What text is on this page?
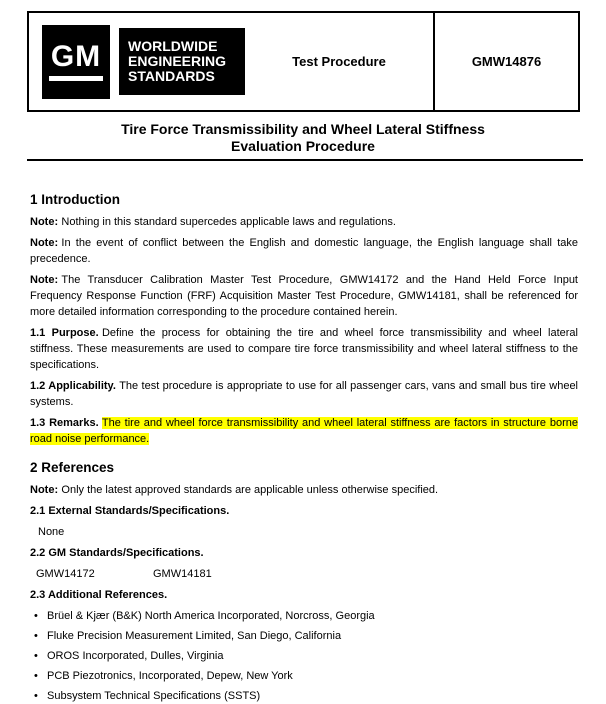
GM	WORLDWIDE ENGINEERING STANDARDS
Test Procedure	GMW14876
Tire Force Transmissibility and Wheel Lateral Stiffness
Evaluation Procedure
1 Introduction

Note: Nothing in this standard supercedes applicable laws and regulations.

Note: In the event of conflict between the English and domestic language, the English language shall take precedence.

Note: The Transducer Calibration Master Test Procedure, GMW14172 and the Hand Held Force Input Frequency Response Function (FRF) Acquisition Master Test Procedure, GMW14181, shall be referenced for more detailed information corresponding to the procedure contained herein.

1.1 Purpose. Define the process for obtaining the tire and wheel force transmissibility and wheel lateral stiffness. These measurements are used to compare tire force transmissibility and wheel lateral stiffness to the specifications.

1.2 Applicability. The test procedure is appropriate to use for all passenger cars, vans and small bus tire wheel systems.

1.3 Remarks. The tire and wheel force transmissibility and wheel lateral stiffness are factors in structure borne road noise performance.

2 References

Note: Only the latest approved standards are applicable unless otherwise specified.

2.1 External Standards/Specifications.

None

2.2 GM Standards/Specifications.

GMW14172	GMW14181

2.3 Additional References.

• Brüel & Kjær (B&K) North America Incorporated, Norcross, Georgia
• Fluke Precision Measurement Limited, San Diego, California
• OROS Incorporated, Dulles, Virginia
• PCB Piezotronics, Incorporated, Depew, New York
• Subsystem Technical Specifications (SSTS)
